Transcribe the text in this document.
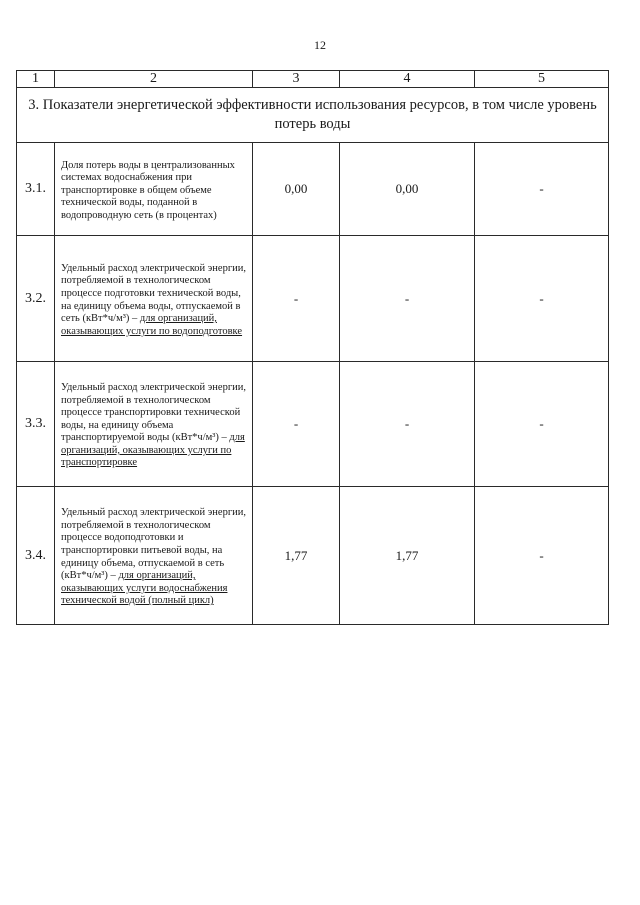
12
1	2	3	4	5
3. Показатели энергетической эффективности использования ресурсов, в том числе уровень потерь воды				
3.1.	Доля потерь воды в централизованных системах водоснабжения при транспортировке в общем объеме технической воды, поданной в водопроводную сеть (в процентах)	0,00	0,00	-
3.2.	Удельный расход электрической энергии, потребляемой в технологическом процессе подготовки технической воды, на единицу объема воды, отпускаемой в сеть (кВт*ч/м³) – для организаций, оказывающих услуги по водоподготовке	-	-	-
3.3.	Удельный расход электрической энергии, потребляемой в технологическом процессе транспортировки технической воды, на единицу объема транспортируемой воды (кВт*ч/м³) – для организаций, оказывающих услуги по транспортировке	-	-	-
3.4.	Удельный расход электрической энергии, потребляемой в технологическом процессе водоподготовки и транспортировки питьевой воды, на единицу объема, отпускаемой в сеть (кВт*ч/м³) – для организаций, оказывающих услуги водоснабжения технической водой (полный цикл)	1,77	1,77	-
